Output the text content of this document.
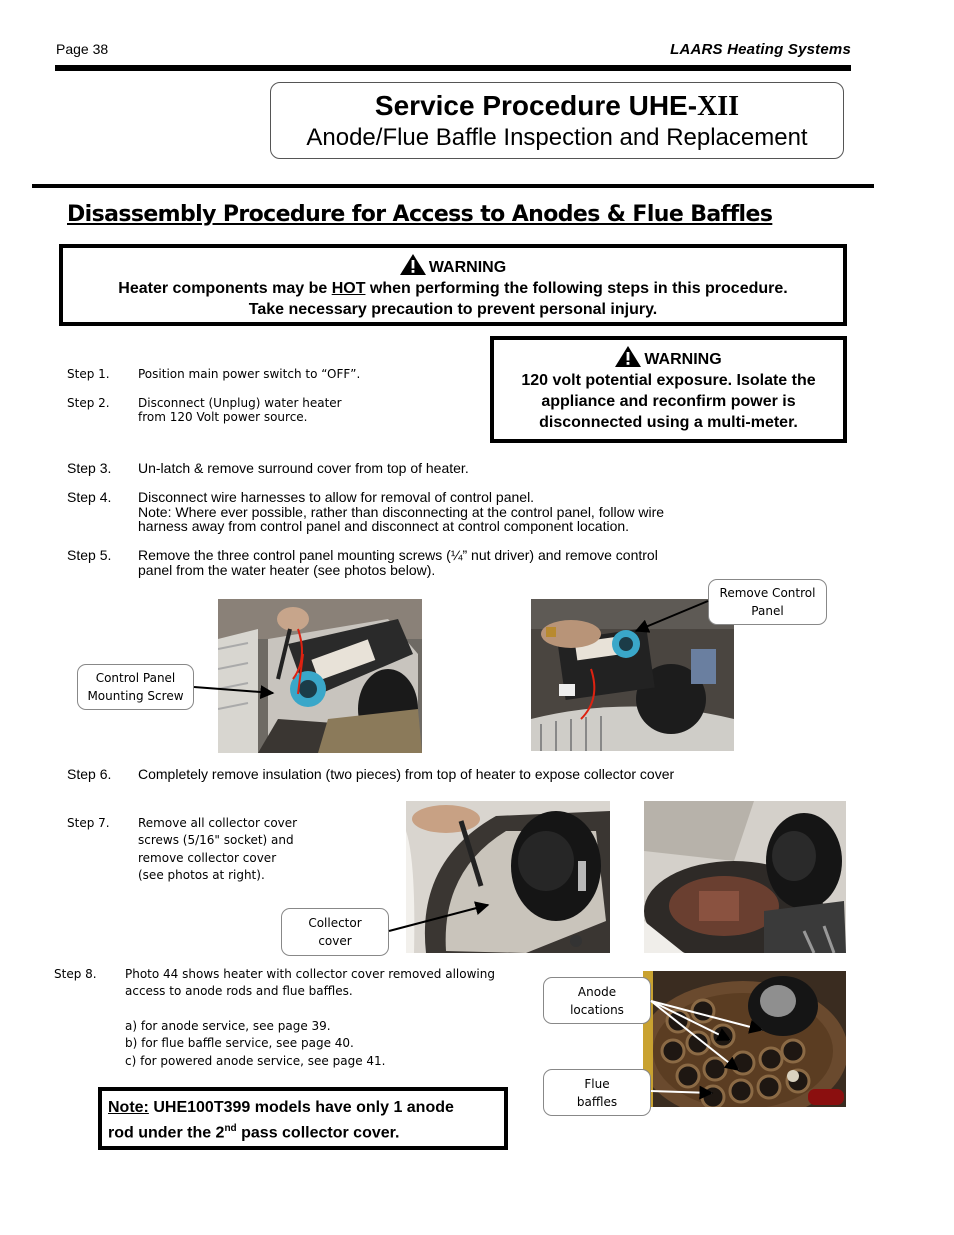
Page 38	LAARS Heating Systems
Service Procedure UHE-XII
Anode/Flue Baffle Inspection and Replacement
Disassembly Procedure for Access to Anodes & Flue Baffles
WARNING
Heater components may be HOT when performing the following steps in this procedure.
Take necessary precaution to prevent personal injury.
WARNING
120 volt potential exposure. Isolate the
appliance and reconfirm power is
disconnected using a multi-meter.
Step 1.	Position main power switch to “OFF”.
Step 2.	Disconnect (Unplug) water heater
from 120 Volt power source.
Step 3.	Un-latch & remove surround cover from top of heater.
Step 4.	Disconnect wire harnesses to allow for removal of control panel.
Note: Where ever possible, rather than disconnecting at the control panel, follow wire
harness away from control panel and disconnect at control component location.
Step 5.	Remove the three control panel mounting screws (¼” nut driver) and remove control
panel from the water heater (see photos below).
Control Panel
Mounting Screw
Remove Control
Panel
Step 6.	Completely remove insulation (two pieces) from top of heater to expose collector cover
Step 7.	Remove all collector cover
screws (5/16" socket) and
remove collector cover
(see photos at right).
Collector
cover
Step 8.	Photo 44 shows heater with collector cover removed allowing
access to anode rods and flue baffles.
a) for anode service, see page 39.
b) for flue baffle service, see page 40.
c) for powered anode service, see page 41.
Anode
locations
Flue
baffles
Note: UHE100T399 models have only 1 anode
rod under the 2nd pass collector cover.
